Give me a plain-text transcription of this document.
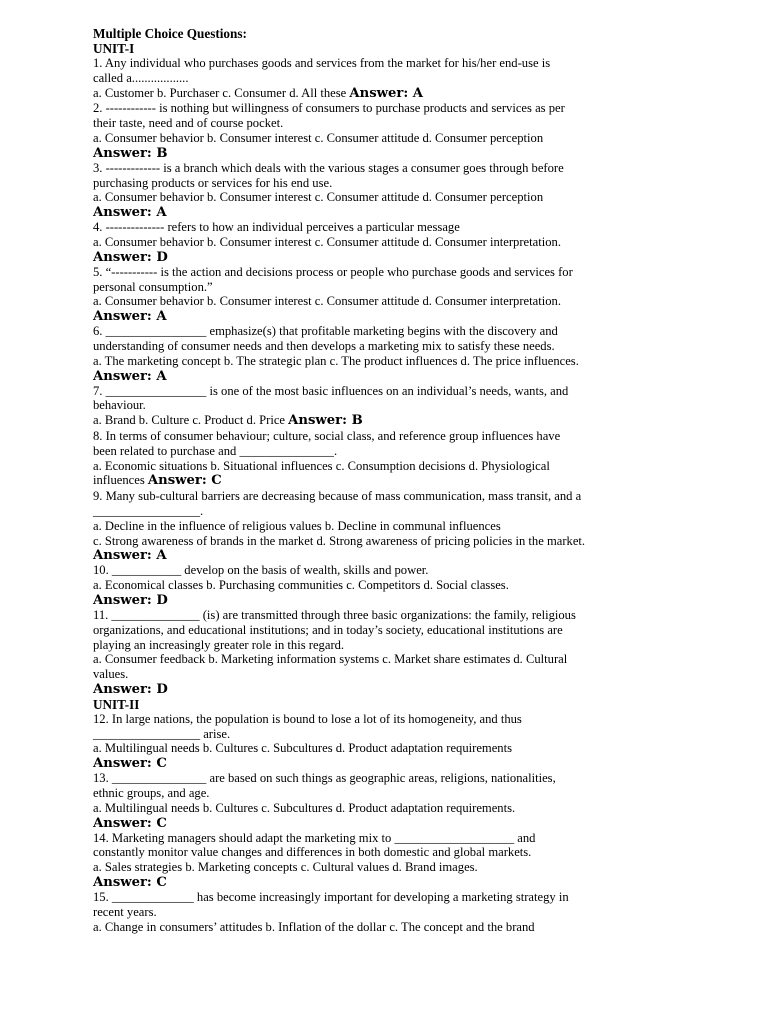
Multiple Choice Questions:
UNIT-I
1. Any individual who purchases goods and services from the market for his/her end-use is
called a..................
a. Customer b. Purchaser c. Consumer d. All these Answer: A
2. ------------ is nothing but willingness of consumers to purchase products and services as per
their taste, need and of course pocket.
a. Consumer behavior b. Consumer interest c. Consumer attitude d. Consumer perception
Answer: B
3. ------------- is a branch which deals with the various stages a consumer goes through before
purchasing products or services for his end use.
a. Consumer behavior b. Consumer interest c. Consumer attitude d. Consumer perception
Answer: A
4. -------------- refers to how an individual perceives a particular message
a. Consumer behavior b. Consumer interest c. Consumer attitude d. Consumer interpretation.
Answer: D
5. “----------- is the action and decisions process or people who purchase goods and services for
personal consumption.”
a. Consumer behavior b. Consumer interest c. Consumer attitude d. Consumer interpretation.
Answer: A
6. ________________ emphasize(s) that profitable marketing begins with the discovery and
understanding of consumer needs and then develops a marketing mix to satisfy these needs.
a. The marketing concept b. The strategic plan c. The product influences d. The price influences.
Answer: A
7. ________________ is one of the most basic influences on an individual’s needs, wants, and
behaviour.
a. Brand b. Culture c. Product d. Price Answer: B
8. In terms of consumer behaviour; culture, social class, and reference group influences have
been related to purchase and _______________.
a. Economic situations b. Situational influences c. Consumption decisions d. Physiological
influences Answer: C
9. Many sub-cultural barriers are decreasing because of mass communication, mass transit, and a
_________________.
a. Decline in the influence of religious values b. Decline in communal influences
c. Strong awareness of brands in the market d. Strong awareness of pricing policies in the market.
Answer: A
10. ___________ develop on the basis of wealth, skills and power.
a. Economical classes b. Purchasing communities c. Competitors d. Social classes.
Answer: D
11. ______________ (is) are transmitted through three basic organizations: the family, religious
organizations, and educational institutions; and in today’s society, educational institutions are
playing an increasingly greater role in this regard.
a. Consumer feedback b. Marketing information systems c. Market share estimates d. Cultural
values.
Answer: D
UNIT-II
12. In large nations, the population is bound to lose a lot of its homogeneity, and thus
_________________ arise.
a. Multilingual needs b. Cultures c. Subcultures d. Product adaptation requirements
Answer: C
13. _______________ are based on such things as geographic areas, religions, nationalities,
ethnic groups, and age.
a. Multilingual needs b. Cultures c. Subcultures d. Product adaptation requirements.
Answer: C
14. Marketing managers should adapt the marketing mix to ___________________ and
constantly monitor value changes and differences in both domestic and global markets.
a. Sales strategies b. Marketing concepts c. Cultural values d. Brand images.
Answer: C
15. _____________ has become increasingly important for developing a marketing strategy in
recent years.
a. Change in consumers’ attitudes b. Inflation of the dollar c. The concept and the brand
